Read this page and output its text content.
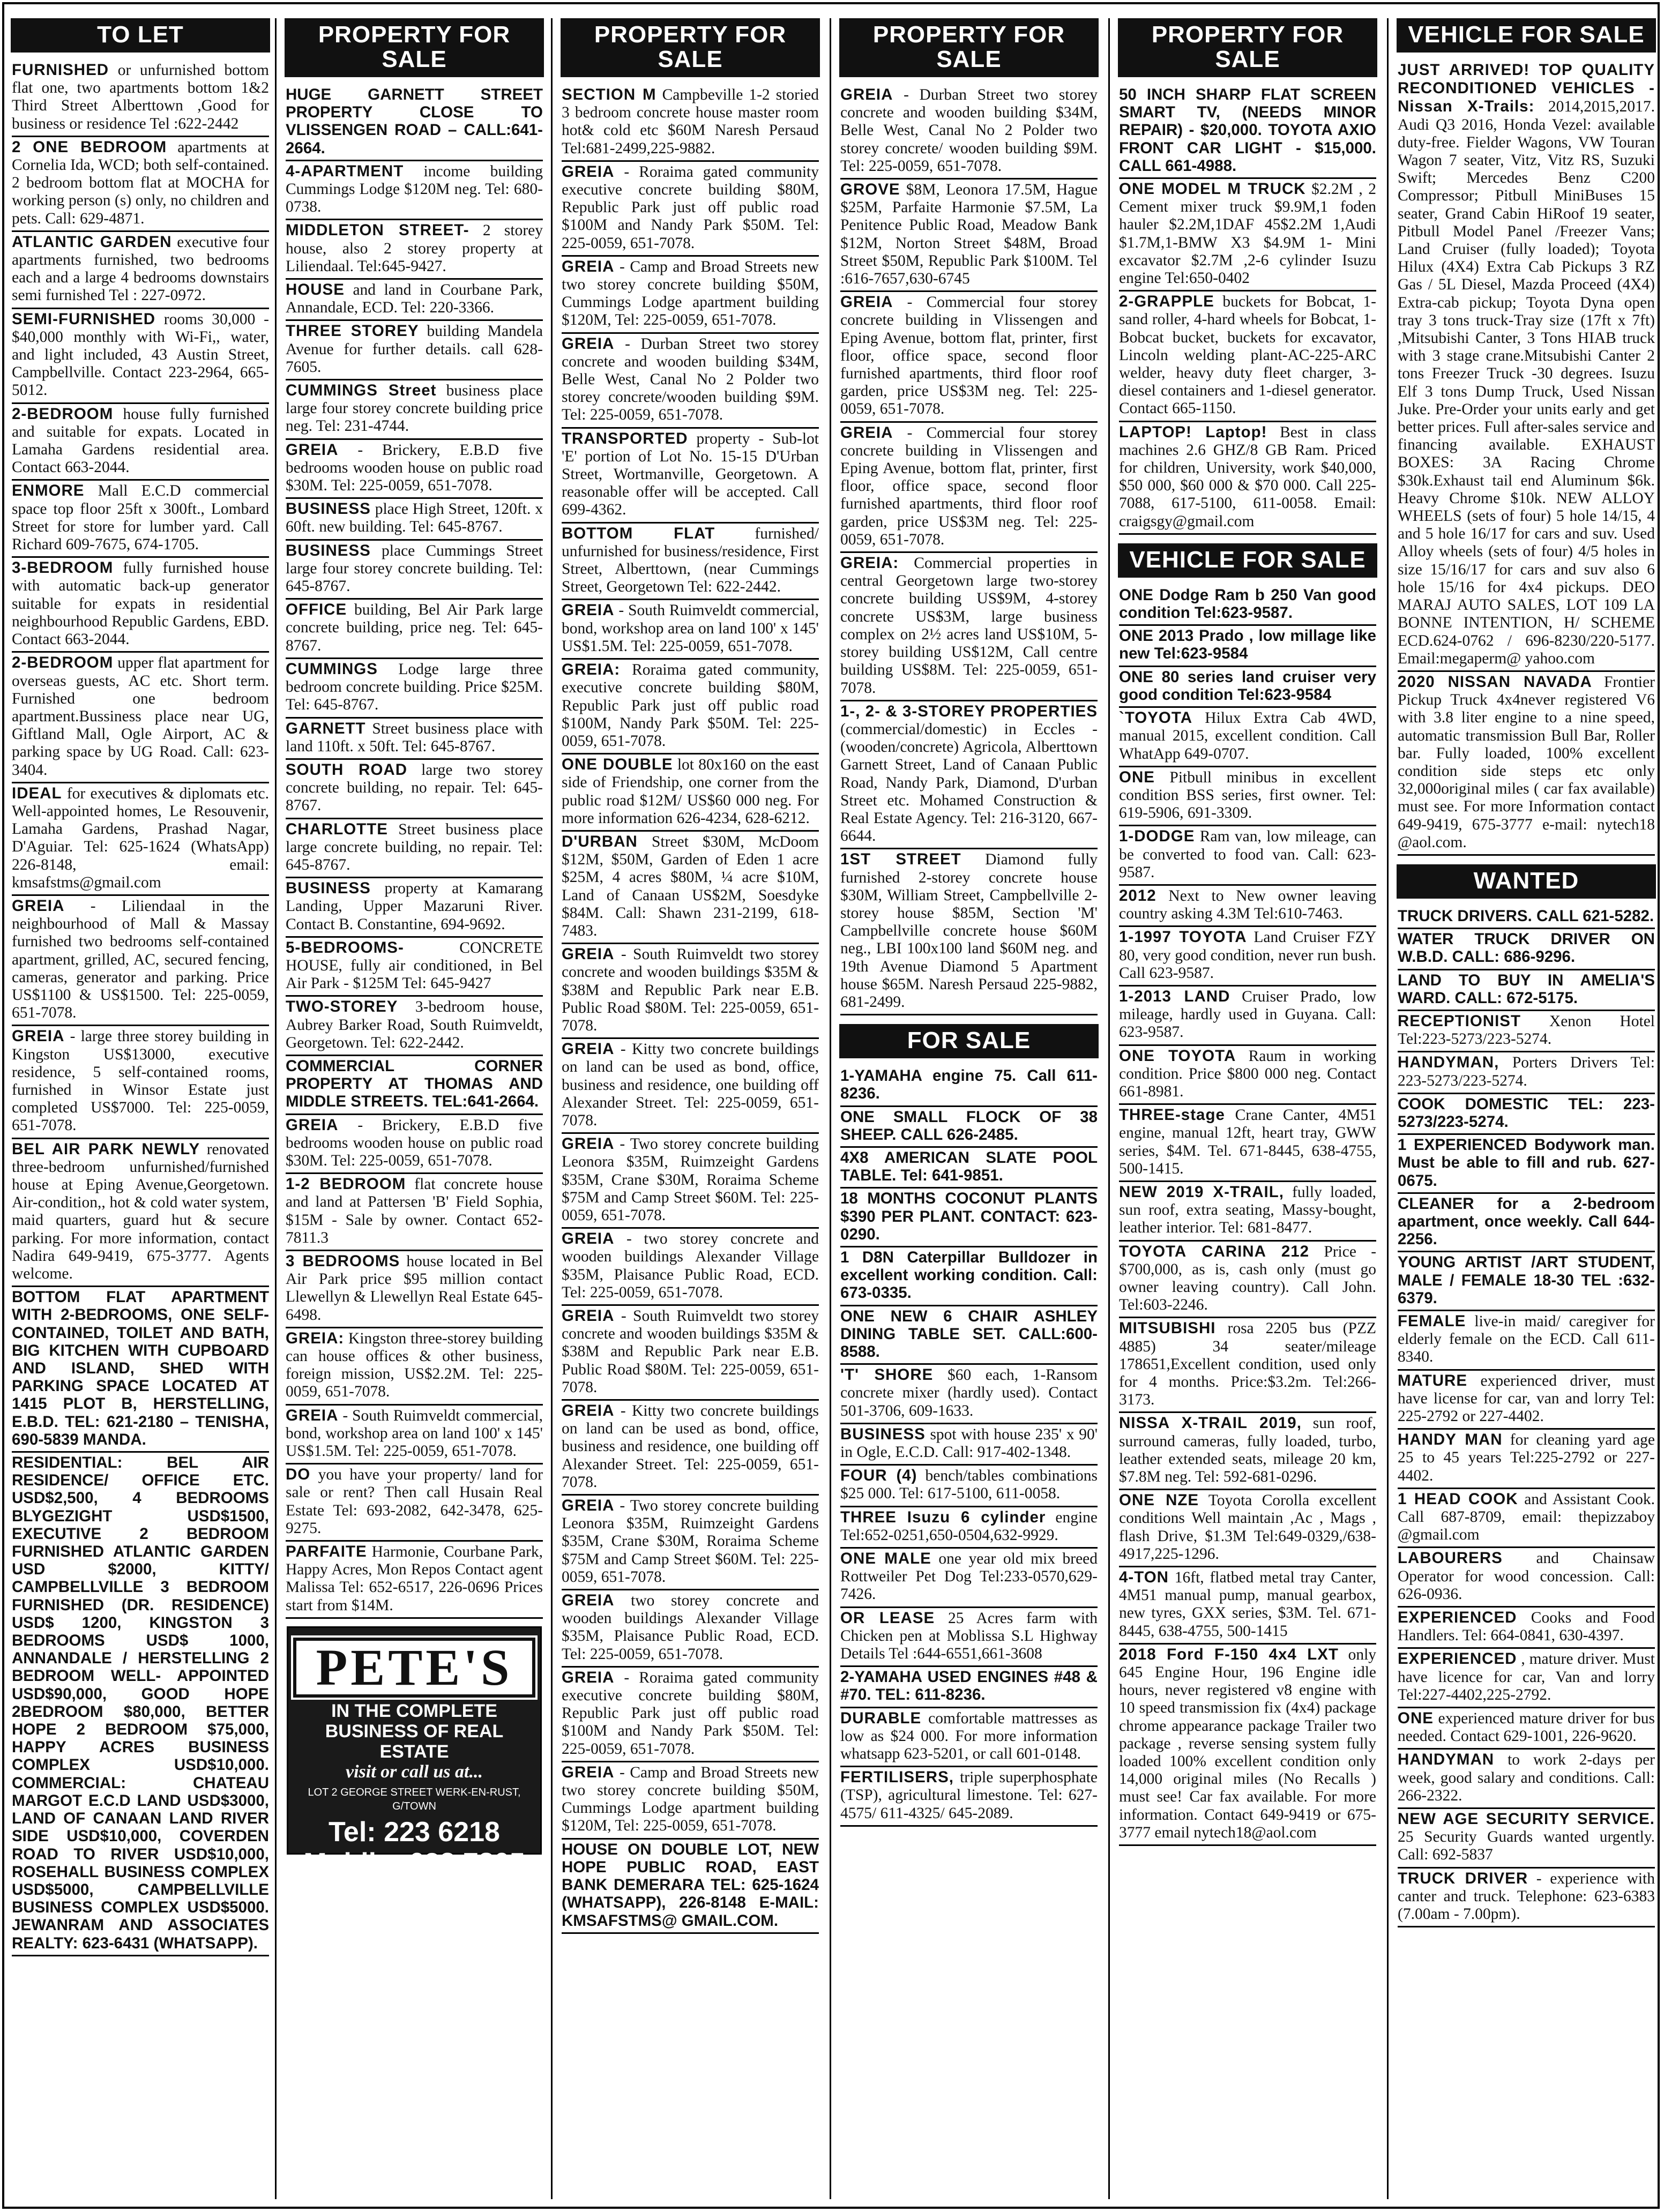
TO LET
FURNISHED or unfurnished bottom flat one, two apartments bottom 1&2 Third Street Alberttown ,Good for business or residence Tel :622-2442
2 ONE BEDROOM apartments at Cornelia Ida, WCD; both self-contained. 2 bedroom bottom flat at MOCHA for working person (s) only, no children and pets. Call: 629-4871.
ATLANTIC GARDEN executive four apartments furnished, two bedrooms each and a large 4 bedrooms downstairs semi furnished Tel : 227-0972.
SEMI-FURNISHED rooms 30,000 - $40,000 monthly with Wi-Fi,, water, and light included, 43 Austin Street, Campbellville. Contact 223-2964, 665-5012.
2-BEDROOM house fully furnished and suitable for expats. Located in Lamaha Gardens residential area. Contact 663-2044.
ENMORE Mall E.C.D commercial space top floor 25ft x 300ft., Lombard Street for store for lumber yard. Call Richard 609-7675, 674-1705.
3-BEDROOM fully furnished house with automatic back-up generator suitable for expats in residential neighbourhood Republic Gardens, EBD. Contact 663-2044.
2-BEDROOM upper flat apartment for overseas guests, AC etc. Short term. Furnished one bedroom apartment.Bussiness place near UG, Giftland Mall, Ogle Airport, AC & parking space by UG Road. Call: 623-3404.
IDEAL for executives & diplomats etc. Well-appointed homes, Le Resouvenir, Lamaha Gardens, Prashad Nagar, D'Aguiar. Tel: 625-1624 (WhatsApp) 226-8148, email: kmsafstms@gmail.com
GREIA - Liliendaal in the neighbourhood of Mall & Massay furnished two bedrooms self-contained apartment, grilled, AC, secured fencing, cameras, generator and parking. Price US$1100 & US$1500. Tel: 225-0059, 651-7078.
GREIA - large three storey building in Kingston US$13000, executive residence, 5 self-contained rooms, furnished in Winsor Estate just completed US$7000. Tel: 225-0059, 651-7078.
BEL AIR PARK NEWLY renovated three-bedroom unfurnished/furnished house at Eping Avenue,Georgetown. Air-condition,, hot & cold water system, maid quarters, guard hut & secure parking. For more information, contact Nadira 649-9419, 675-3777. Agents welcome.
BOTTOM FLAT APARTMENT WITH 2-BEDROOMS, ONE SELF-CONTAINED, TOILET AND BATH, BIG KITCHEN WITH CUPBOARD AND ISLAND, SHED WITH PARKING SPACE LOCATED AT 1415 PLOT B, HERSTELLING, E.B.D. TEL: 621-2180 – TENISHA, 690-5839 MANDA.
RESIDENTIAL: BEL AIR RESIDENCE/ OFFICE ETC. USD$2,500, 4 BEDROOMS BLYGEZIGHT USD$1500, EXECUTIVE 2 BEDROOM FURNISHED ATLANTIC GARDEN USD $2000, KITTY/ CAMPBELLVILLE 3 BEDROOM FURNISHED (DR. RESIDENCE) USD$ 1200, KINGSTON 3 BEDROOMS USD$ 1000, ANNANDALE / HERSTELLING 2 BEDROOM WELL- APPOINTED USD$90,000, GOOD HOPE 2BEDROOM $80,000, BETTER HOPE 2 BEDROOM $75,000, HAPPY ACRES BUSINESS COMPLEX USD$10,000. COMMERCIAL: CHATEAU MARGOT E.C.D LAND USD$3000, LAND OF CANAAN LAND RIVER SIDE USD$10,000, COVERDEN ROAD TO RIVER USD$10,000, ROSEHALL BUSINESS COMPLEX USD$5000, CAMPBELLVILLE BUSINESS COMPLEX USD$5000. JEWANRAM AND ASSOCIATES REALTY: 623-6431 (WHATSAPP).
PROPERTY FOR SALE
HUGE GARNETT STREET PROPERTY CLOSE TO VLISSENGEN ROAD – CALL:641-2664.
4-APARTMENT income building Cummings Lodge $120M neg. Tel: 680-0738.
MIDDLETON STREET- 2 storey house, also 2 storey property at Liliendaal. Tel:645-9427.
HOUSE and land in Courbane Park, Annandale, ECD. Tel: 220-3366.
THREE STOREY building Mandela Avenue for further details. call 628-7605.
CUMMINGS Street business place large four storey concrete building price neg. Tel: 231-4744.
GREIA - Brickery, E.B.D five bedrooms wooden house on public road $30M. Tel: 225-0059, 651-7078.
BUSINESS place High Street, 120ft. x 60ft. new building. Tel: 645-8767.
BUSINESS place Cummings Street large four storey concrete building. Tel: 645-8767.
OFFICE building, Bel Air Park large concrete building, price neg. Tel: 645-8767.
CUMMINGS Lodge large three bedroom concrete building. Price $25M. Tel: 645-8767.
GARNETT Street business place with land 110ft. x 50ft. Tel: 645-8767.
SOUTH ROAD large two storey concrete building, no repair. Tel: 645-8767.
CHARLOTTE Street business place large concrete building, no repair. Tel: 645-8767.
BUSINESS property at Kamarang Landing, Upper Mazaruni River. Contact B. Constantine, 694-9692.
5-BEDROOMS-	CONCRETE HOUSE, fully air conditioned, in Bel Air Park - $125M Tel: 645-9427
TWO-STOREY 3-bedroom house, Aubrey Barker Road, South Ruimveldt, Georgetown. Tel: 622-2442.
COMMERCIAL CORNER PROPERTY AT THOMAS AND MIDDLE STREETS. TEL:641-2664.
GREIA - Brickery, E.B.D five bedrooms wooden house on public road $30M. Tel: 225-0059, 651-7078.
1-2 BEDROOM flat concrete house and land at Pattersen 'B' Field Sophia, $15M - Sale by owner. Contact 652-7811.3
3 BEDROOMS house located in Bel Air Park price $95 million contact Llewellyn & Llewellyn Real Estate 645-6498.
GREIA: Kingston three-storey building can house offices & other business, foreign mission, US$2.2M. Tel: 225-0059, 651-7078.
GREIA - South Ruimveldt commercial, bond, workshop area on land 100' x 145' US$1.5M. Tel: 225-0059, 651-7078.
DO you have your property/ land for sale or rent? Then call Husain Real Estate Tel: 693-2082, 642-3478, 625-9275.
PARFAITE Harmonie, Courbane Park, Happy Acres, Mon Repos Contact agent Malissa Tel: 652-6517, 226-0696 Prices start from $14M.
PETE'S
IN THE COMPLETE
BUSINESS OF REAL ESTATE
visit or call us at...
LOT 2 GEORGE STREET WERK-EN-RUST, G/TOWN
Tel: 223 6218
Mobile: 623 7805
PROPERTY FOR SALE
SECTION M Campbeville 1-2 storied 3 bedroom concrete house master room hot& cold etc $60M Naresh Persaud Tel:681-2499,225-9882.
GREIA - Roraima gated community executive concrete building $80M, Republic Park just off public road $100M and Nandy Park $50M. Tel: 225-0059, 651-7078.
GREIA - Camp and Broad Streets new two storey concrete building $50M, Cummings Lodge apartment building $120M, Tel: 225-0059, 651-7078.
GREIA - Durban Street two storey concrete and wooden building $34M, Belle West, Canal No 2 Polder two storey concrete/wooden building $9M. Tel: 225-0059, 651-7078.
TRANSPORTED property - Sub-lot 'E' portion of Lot No. 15-15 D'Urban Street, Wortmanville, Georgetown. A reasonable offer will be accepted. Call 699-4362.
BOTTOM FLAT	furnished/ unfurnished for business/residence, First Street, Alberttown, (near Cummings Street, Georgetown Tel: 622-2442.
GREIA - South Ruimveldt commercial, bond, workshop area on land 100' x 145' US$1.5M. Tel: 225-0059, 651-7078.
GREIA: Roraima gated community, executive concrete building $80M, Republic Park just off public road $100M, Nandy Park $50M. Tel: 225-0059, 651-7078.
ONE DOUBLE lot 80x160 on the east side of Friendship, one corner from the public road $12M/ US$60 000 neg. For more information 626-4234, 628-6212.
D'URBAN Street $30M, McDoom $12M, $50M, Garden of Eden 1 acre $25M, 4 acres $80M, ¼ acre $10M, Land of Canaan US$2M, Soesdyke $84M. Call: Shawn 231-2199, 618-7483.
GREIA - South Ruimveldt two storey concrete and wooden buildings $35M & $38M and Republic Park near E.B. Public Road $80M. Tel: 225-0059, 651-7078.
GREIA - Kitty two concrete buildings on land can be used as bond, office, business and residence, one building off Alexander Street. Tel: 225-0059, 651-7078.
GREIA - Two storey concrete building Leonora $35M, Ruimzeight Gardens $35M, Crane $30M, Roraima Scheme $75M and Camp Street $60M. Tel: 225-0059, 651-7078.
GREIA - two storey concrete and wooden buildings Alexander Village $35M, Plaisance Public Road, ECD. Tel: 225-0059, 651-7078.
GREIA - South Ruimveldt two storey concrete and wooden buildings $35M & $38M and Republic Park near E.B. Public Road $80M. Tel: 225-0059, 651-7078.
GREIA - Kitty two concrete buildings on land can be used as bond, office, business and residence, one building off Alexander Street. Tel: 225-0059, 651-7078.
GREIA - Two storey concrete building Leonora $35M, Ruimzeight Gardens $35M, Crane $30M, Roraima Scheme $75M and Camp Street $60M. Tel: 225-0059, 651-7078.
GREIA two storey concrete and wooden buildings Alexander Village $35M, Plaisance Public Road, ECD. Tel: 225-0059, 651-7078.
GREIA - Roraima gated community executive concrete building $80M, Republic Park just off public road $100M and Nandy Park $50M. Tel: 225-0059, 651-7078.
GREIA - Camp and Broad Streets new two storey concrete building $50M, Cummings Lodge apartment building $120M, Tel: 225-0059, 651-7078.
HOUSE ON DOUBLE LOT, NEW HOPE PUBLIC ROAD, EAST BANK DEMERARA TEL: 625-1624 (WHATSAPP), 226-8148 E-MAIL: KMSAFSTMS@ GMAIL.COM.
PROPERTY FOR SALE
GREIA - Durban Street two storey concrete and wooden building $34M, Belle West, Canal No 2 Polder two storey concrete/ wooden building $9M. Tel: 225-0059, 651-7078.
GROVE $8M, Leonora 17.5M, Hague $25M, Parfaite Harmonie $7.5M, La Penitence Public Road, Meadow Bank $12M, Norton Street $48M, Broad Street $50M, Republic Park $100M. Tel :616-7657,630-6745
GREIA - Commercial four storey concrete building in Vlissengen and Eping Avenue, bottom flat, printer, first floor, office space, second floor furnished apartments, third floor roof garden, price US$3M neg. Tel: 225-0059, 651-7078.
GREIA - Commercial four storey concrete building in Vlissengen and Eping Avenue, bottom flat, printer, first floor, office space, second floor furnished apartments, third floor roof garden, price US$3M neg. Tel: 225-0059, 651-7078.
GREIA: Commercial properties in central Georgetown large two-storey concrete building US$9M, 4-storey concrete US$3M, large business complex on 2½ acres land US$10M, 5-storey building US$12M, Call centre building US$8M. Tel: 225-0059, 651-7078.
1-, 2- & 3-STOREY PROPERTIES (commercial/domestic) in Eccles - (wooden/concrete) Agricola, Alberttown Garnett Street, Land of Canaan Public Road, Nandy Park, Diamond, D'urban Street etc. Mohamed Construction & Real Estate Agency. Tel: 216-3120, 667-6644.
1ST STREET Diamond fully furnished 2-storey concrete house $30M, William Street, Campbellville 2-storey house $85M, Section 'M' Campbellville concrete house $60M neg., LBI 100x100 land $60M neg. and 19th Avenue Diamond 5 Apartment house $65M. Naresh Persaud 225-9882, 681-2499.
FOR SALE
1-YAMAHA engine 75. Call 611-8236.
ONE SMALL FLOCK OF 38 SHEEP. CALL 626-2485.
4X8 AMERICAN SLATE POOL TABLE. Tel: 641-9851.
18 MONTHS COCONUT PLANTS $390 PER PLANT. CONTACT: 623-0290.
1 D8N Caterpillar Bulldozer in excellent working condition. Call: 673-0335.
ONE NEW 6 CHAIR ASHLEY DINING TABLE SET. CALL:600-8588.
'T' SHORE $60 each, 1-Ransom concrete mixer (hardly used). Contact 501-3706, 609-1633.
BUSINESS spot with house 235' x 90' in Ogle, E.C.D. Call: 917-402-1348.
FOUR (4) bench/tables combinations $25 000. Tel: 617-5100, 611-0058.
THREE Isuzu 6 cylinder engine Tel:652-0251,650-0504,632-9929.
ONE MALE one year old mix breed Rottweiler Pet Dog Tel:233-0570,629-7426.
OR LEASE 25 Acres farm with Chicken pen at Moblissa S.L Highway Details Tel :644-6551,661-3608
2-YAMAHA USED ENGINES #48 & #70. TEL: 611-8236.
DURABLE comfortable mattresses as low as $24 000. For more information whatsapp 623-5201, or call 601-0148.
FERTILISERS, triple superphosphate (TSP), agricultural limestone. Tel: 627-4575/ 611-4325/ 645-2089.
PROPERTY FOR SALE
50 INCH SHARP FLAT SCREEN SMART TV, (NEEDS MINOR REPAIR) - $20,000. TOYOTA AXIO FRONT CAR LIGHT - $15,000. CALL 661-4988.
ONE MODEL M TRUCK $2.2M , 2 Cement mixer truck $9.9M,1 foden hauler $2.2M,1DAF 45$2.2M 1,Audi $1.7M,1-BMW X3 $4.9M 1- Mini excavator $2.7M ,2-6 cylinder Isuzu engine Tel:650-0402
2-GRAPPLE buckets for Bobcat, 1-sand roller, 4-hard wheels for Bobcat, 1-Bobcat bucket, buckets for excavator, Lincoln welding plant-AC-225-ARC welder, heavy duty fleet charger, 3-diesel containers and 1-diesel generator. Contact 665-1150.
LAPTOP! Laptop! Best in class machines 2.6 GHZ/8 GB Ram. Priced for children, University, work $40,000, $50 000, $60 000 & $70 000. Call 225-7088, 617-5100, 611-0058. Email: craigsgy@gmail.com
VEHICLE FOR SALE
ONE Dodge Ram b 250 Van good condition Tel:623-9587.
ONE 2013 Prado , low millage like new Tel:623-9584
ONE 80 series land cruiser very good condition Tel:623-9584
`TOYOTA Hilux Extra Cab 4WD, manual 2015, excellent condition. Call WhatApp 649-0707.
ONE Pitbull minibus in excellent condition BSS series, first owner. Tel: 619-5906, 691-3309.
1-DODGE Ram van, low mileage, can be converted to food van. Call: 623-9587.
2012 Next to New owner leaving country asking 4.3M Tel:610-7463.
1-1997 TOYOTA Land Cruiser FZY 80, very good condition, never run bush. Call 623-9587.
1-2013 LAND Cruiser Prado, low mileage, hardly used in Guyana. Call: 623-9587.
ONE TOYOTA Raum in working condition. Price $800 000 neg. Contact 661-8981.
THREE-stage Crane Canter, 4M51 engine, manual 12ft, heart tray, GWW series, $4M. Tel. 671-8445, 638-4755, 500-1415.
NEW 2019 X-TRAIL, fully loaded, sun roof, extra seating, Massy-bought, leather interior. Tel: 681-8477.
TOYOTA CARINA 212 Price - $700,000, as is, cash only (must go owner leaving country). Call John. Tel:603-2246.
MITSUBISHI rosa 2205 bus (PZZ 4885) 34 seater/mileage 178651,Excellent condition, used only for 4 months. Price:$3.2m. Tel:266-3173.
NISSA X-TRAIL 2019, sun roof, surround cameras, fully loaded, turbo, leather extended seats, mileage 20 km, $7.8M neg. Tel: 592-681-0296.
ONE NZE Toyota Corolla excellent conditions Well maintain ,Ac , Mags , flash Drive, $1.3M Tel:649-0329,/638-4917,225-1296.
4-TON 16ft, flatbed metal tray Canter, 4M51 manual pump, manual gearbox, new tyres, GXX series, $3M. Tel. 671-8445, 638-4755, 500-1415
2018 Ford F-150 4x4 LXT only 645 Engine Hour, 196 Engine idle hours, never registered v8 engine with 10 speed transmission fix (4x4) package chrome appearance package Trailer two package , reverse sensing system fully loaded 100% excellent condition only 14,000 original miles (No Recalls ) must see! Car fax available. For more information. Contact 649-9419 or 675-3777 email nytech18@aol.com
VEHICLE FOR SALE
JUST ARRIVED! TOP QUALITY RECONDITIONED VEHICLES - Nissan X-Trails: 2014,2015,2017. Audi Q3 2016, Honda Vezel: available duty-free. Fielder Wagons, VW Touran Wagon 7 seater, Vitz, Vitz RS, Suzuki Swift; Mercedes Benz C200 Compressor; Pitbull MiniBuses 15 seater, Grand Cabin HiRoof 19 seater, Pitbull Model Panel /Freezer Vans; Land Cruiser (fully loaded); Toyota Hilux (4X4) Extra Cab Pickups 3 RZ Gas / 5L Diesel, Mazda Proceed (4X4) Extra-cab pickup; Toyota Dyna open tray 3 tons truck-Tray size (17ft x 7ft) ,Mitsubishi Canter, 3 Tons HIAB truck with 3 stage crane.Mitsubishi Canter 2 tons Freezer Truck -30 degrees. Isuzu Elf 3 tons Dump Truck, Used Nissan Juke. Pre-Order your units early and get better prices. Full after-sales service and financing available. EXHAUST BOXES: 3A Racing Chrome $30k.Exhaust tail end Aluminum $6k. Heavy Chrome $10k. NEW ALLOY WHEELS (sets of four) 5 hole 14/15, 4 and 5 hole 16/17 for cars and suv. Used Alloy wheels (sets of four) 4/5 holes in size 15/16/17 for cars and suv also 6 hole 15/16 for 4x4 pickups. DEO MARAJ AUTO SALES, LOT 109 LA BONNE INTENTION, H/ SCHEME ECD.624-0762 / 696-8230/220-5177. Email:megaperm@ yahoo.com
2020 NISSAN NAVADA Frontier Pickup Truck 4x4never registered V6 with 3.8 liter engine to a nine speed, automatic transmission Bull Bar, Roller bar. Fully loaded, 100% excellent condition side steps etc only 32,000original miles ( car fax available) must see. For more Information contact 649-9419, 675-3777 e-mail: nytech18 @aol.com.
WANTED
TRUCK DRIVERS. CALL 621-5282.
WATER TRUCK DRIVER ON W.B.D. CALL: 686-9296.
LAND TO BUY IN AMELIA'S WARD. CALL: 672-5175.
RECEPTIONIST Xenon Hotel Tel:223-5273/223-5274.
HANDYMAN, Porters Drivers Tel: 223-5273/223-5274.
COOK DOMESTIC TEL: 223-5273/223-5274.
1 EXPERIENCED Bodywork man. Must be able to fill and rub. 627-0675.
CLEANER for a 2-bedroom apartment, once weekly. Call 644-2256.
YOUNG ARTIST /ART STUDENT, MALE / FEMALE 18-30 TEL :632-6379.
FEMALE live-in maid/ caregiver for elderly female on the ECD. Call 611-8340.
MATURE experienced driver, must have license for car, van and lorry Tel: 225-2792 or 227-4402.
HANDY MAN for cleaning yard age 25 to 45 years Tel:225-2792 or 227-4402.
1 HEAD COOK and Assistant Cook. Call 687-8709, email: thepizzaboy @gmail.com
LABOURERS and Chainsaw Operator for wood concession. Call: 626-0936.
EXPERIENCED Cooks and Food Handlers. Tel: 664-0841, 630-4397.
EXPERIENCED , mature driver. Must have licence for car, Van and lorry Tel:227-4402,225-2792.
ONE experienced mature driver for bus needed. Contact 629-1001, 226-9620.
HANDYMAN to work 2-days per week, good salary and conditions. Call: 266-2322.
NEW AGE SECURITY SERVICE. 25 Security Guards wanted urgently. Call: 692-5837
TRUCK DRIVER - experience with canter and truck. Telephone: 623-6383 (7.00am - 7.00pm).
